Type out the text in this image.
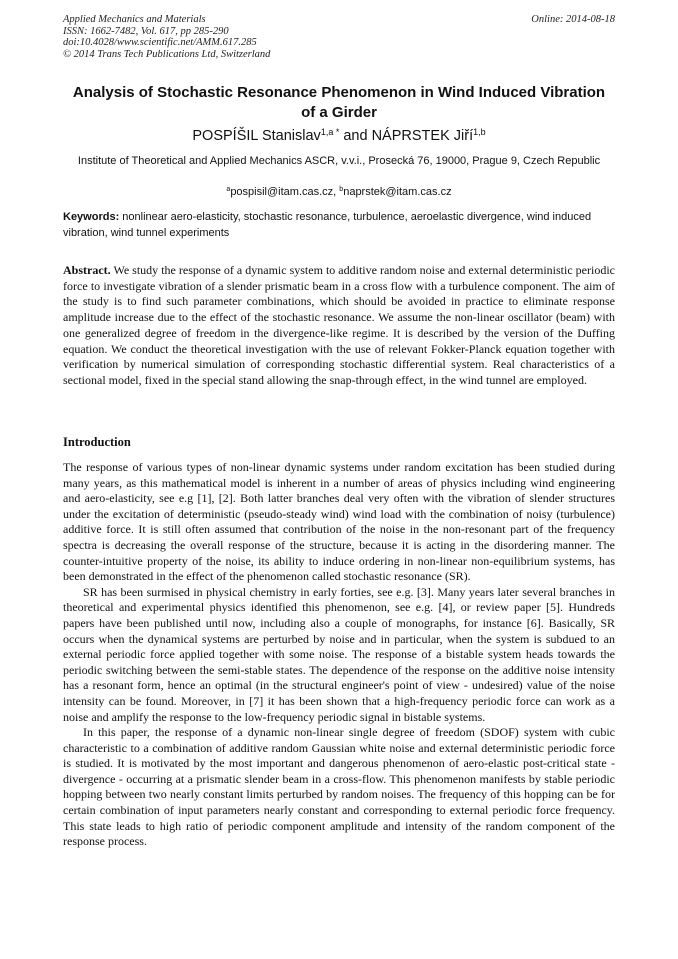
Applied Mechanics and Materials
ISSN: 1662-7482, Vol. 617, pp 285-290
doi:10.4028/www.scientific.net/AMM.617.285
© 2014 Trans Tech Publications Ltd, Switzerland
Online: 2014-08-18
Analysis of Stochastic Resonance Phenomenon in Wind Induced Vibration of a Girder
POSPÍŠIL Stanislav$^{1,a *}$ and NÁPRSTEK Jiří$^{1,b}$
Institute of Theoretical and Applied Mechanics ASCR, v.v.i., Prosecká 76, 19000, Prague 9, Czech Republic
$^a$pospisil@itam.cas.cz, $^b$naprstek@itam.cas.cz
Keywords: nonlinear aero-elasticity, stochastic resonance, turbulence, aeroelastic divergence, wind induced vibration, wind tunnel experiments
Abstract. We study the response of a dynamic system to additive random noise and external deterministic periodic force to investigate vibration of a slender prismatic beam in a cross flow with a turbulence component. The aim of the study is to find such parameter combinations, which should be avoided in practice to eliminate response amplitude increase due to the effect of the stochastic resonance. We assume the non-linear oscillator (beam) with one generalized degree of freedom in the divergence-like regime. It is described by the version of the Duffing equation. We conduct the theoretical investigation with the use of relevant Fokker-Planck equation together with verification by numerical simulation of corresponding stochastic differential system. Real characteristics of a sectional model, fixed in the special stand allowing the snap-through effect, in the wind tunnel are employed.
Introduction

The response of various types of non-linear dynamic systems under random excitation has been studied during many years, as this mathematical model is inherent in a number of areas of physics including wind engineering and aero-elasticity, see e.g [1], [2]. Both latter branches deal very often with the vibration of slender structures under the excitation of deterministic (pseudo-steady wind) wind load with the combination of noisy (turbulence) additive force. It is still often assumed that contribution of the noise in the non-resonant part of the frequency spectra is decreasing the overall response of the structure, because it is acting in the disordering manner. The counter-intuitive property of the noise, its ability to induce ordering in non-linear non-equilibrium systems, has been demonstrated in the effect of the phenomenon called stochastic resonance (SR).

SR has been surmised in physical chemistry in early forties, see e.g. [3]. Many years later several branches in theoretical and experimental physics identified this phenomenon, see e.g. [4], or review paper [5]. Hundreds papers have been published until now, including also a couple of monographs, for instance [6]. Basically, SR occurs when the dynamical systems are perturbed by noise and in particular, when the system is subdued to an external periodic force applied together with some noise. The response of a bistable system heads towards the periodic switching between the semi-stable states. The dependence of the response on the additive noise intensity has a resonant form, hence an optimal (in the structural engineer's point of view - undesired) value of the noise intensity can be found. Moreover, in [7] it has been shown that a high-frequency periodic force can work as a noise and amplify the response to the low-frequency periodic signal in bistable systems.

In this paper, the response of a dynamic non-linear single degree of freedom (SDOF) system with cubic characteristic to a combination of additive random Gaussian white noise and external deterministic periodic force is studied. It is motivated by the most important and dangerous phenomenon of aero-elastic post-critical state - divergence - occurring at a prismatic slender beam in a cross-flow. This phenomenon manifests by stable periodic hopping between two nearly constant limits perturbed by random noises. The frequency of this hopping can be for certain combination of input parameters nearly constant and corresponding to external periodic force frequency. This state leads to high ratio of periodic component amplitude and intensity of the random component of the response process.
